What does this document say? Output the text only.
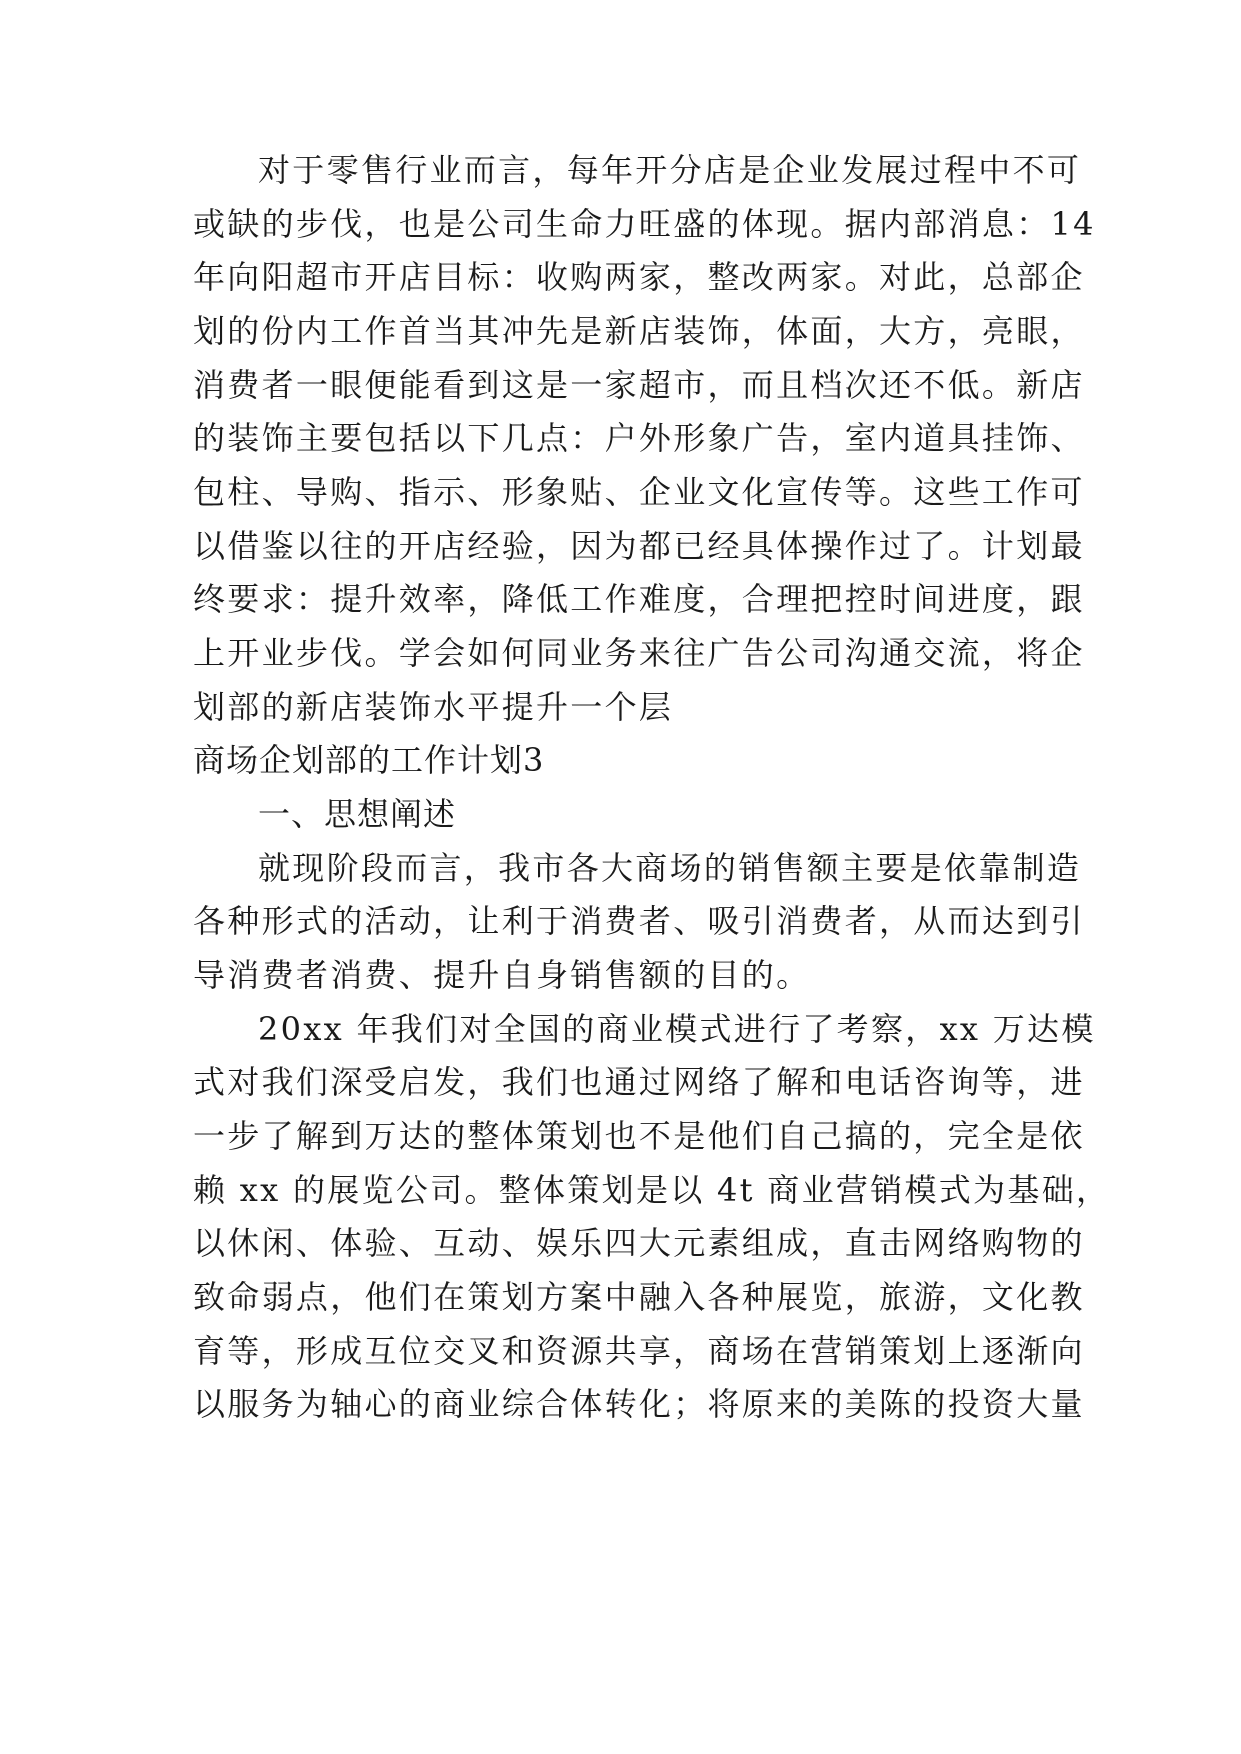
对于零售行业而言，每年开分店是企业发展过程中不可
或缺的步伐，也是公司生命力旺盛的体现。据内部消息：14
年向阳超市开店目标：收购两家，整改两家。对此，总部企
划的份内工作首当其冲先是新店装饰，体面，大方，亮眼，
消费者一眼便能看到这是一家超市，而且档次还不低。新店
的装饰主要包括以下几点：户外形象广告，室内道具挂饰、
包柱、导购、指示、形象贴、企业文化宣传等。这些工作可
以借鉴以往的开店经验，因为都已经具体操作过了。计划最
终要求：提升效率，降低工作难度，合理把控时间进度，跟
上开业步伐。学会如何同业务来往广告公司沟通交流，将企
划部的新店装饰水平提升一个层
商场企划部的工作计划3
一、思想阐述
就现阶段而言，我市各大商场的销售额主要是依靠制造
各种形式的活动，让利于消费者、吸引消费者，从而达到引
导消费者消费、提升自身销售额的目的。
20xx 年我们对全国的商业模式进行了考察，xx 万达模
式对我们深受启发，我们也通过网络了解和电话咨询等，进
一步了解到万达的整体策划也不是他们自己搞的，完全是依
赖 xx 的展览公司。整体策划是以 4t 商业营销模式为基础，
以休闲、体验、互动、娱乐四大元素组成，直击网络购物的
致命弱点，他们在策划方案中融入各种展览，旅游，文化教
育等，形成互位交叉和资源共享，商场在营销策划上逐渐向
以服务为轴心的商业综合体转化；将原来的美陈的投资大量
